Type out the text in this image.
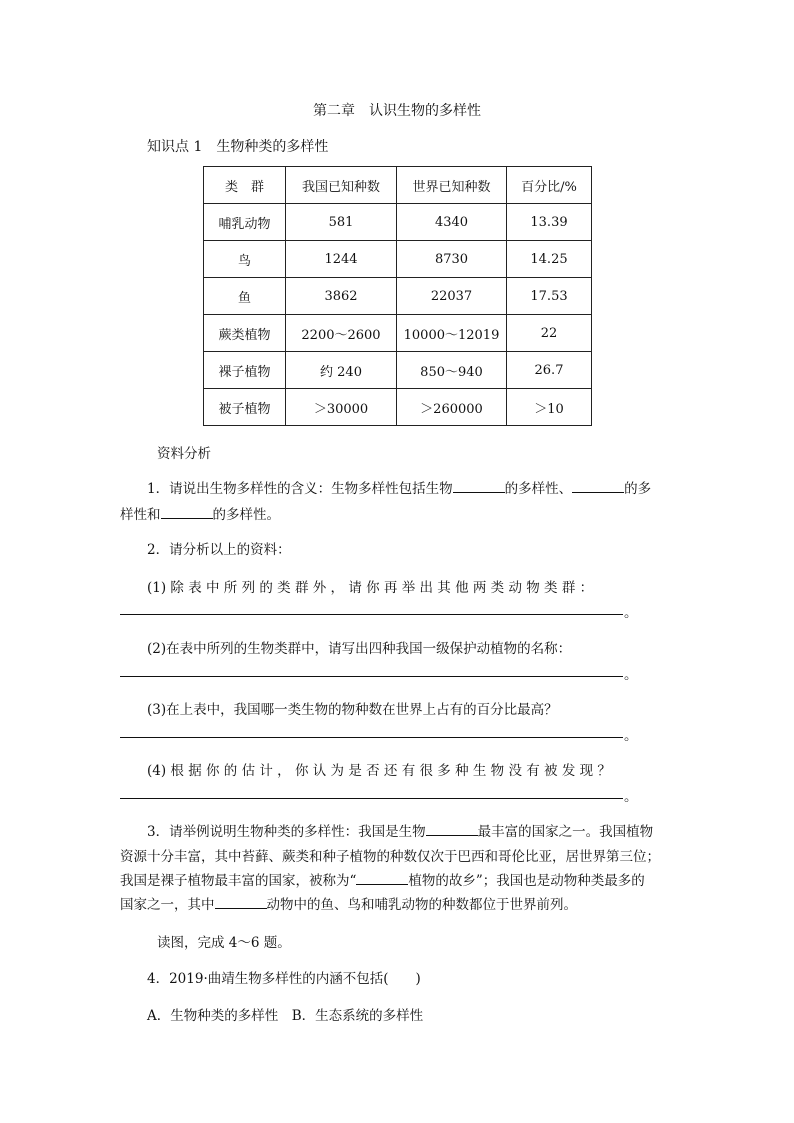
第二章　认识生物的多样性
知识点 1　生物种类的多样性
类　群	我国已知种数	世界已知种数	百分比/%
哺乳动物	581	4340	13.39
鸟	1244	8730	14.25
鱼	3862	22037	17.53
蕨类植物	2200～2600	10000～12019	22
裸子植物	约 240	850～940	26.7
被子植物	＞30000	＞260000	＞10
资料分析
1．请说出生物多样性的含义：生物多样性包括生物	的多样性、	的多
样性和	的多样性。
2．请分析以上的资料：
(1) 除 表 中 所 列 的 类 群 外 ， 请 你 再 举 出 其 他 两 类 动 物 类 群 ：
。
(2)在表中所列的生物类群中，请写出四种我国一级保护动植物的名称：
。
(3)在上表中，我国哪一类生物的物种数在世界上占有的百分比最高？
。
(4) 根 据 你 的 估 计 ， 你 认 为 是 否 还 有 很 多 种 生 物 没 有 被 发 现 ？
。
3．请举例说明生物种类的多样性：我国是生物	最丰富的国家之一。我国植物
资源十分丰富，其中苔藓、蕨类和种子植物的种数仅次于巴西和哥伦比亚，居世界第三位；
我国是裸子植物最丰富的国家，被称为“	植物的故乡”；我国也是动物种类最多的
国家之一，其中	动物中的鱼、鸟和哺乳动物的种数都位于世界前列。
读图，完成 4～6 题。
4．2019·曲靖生物多样性的内涵不包括(　　)
A．生物种类的多样性　B．生态系统的多样性
